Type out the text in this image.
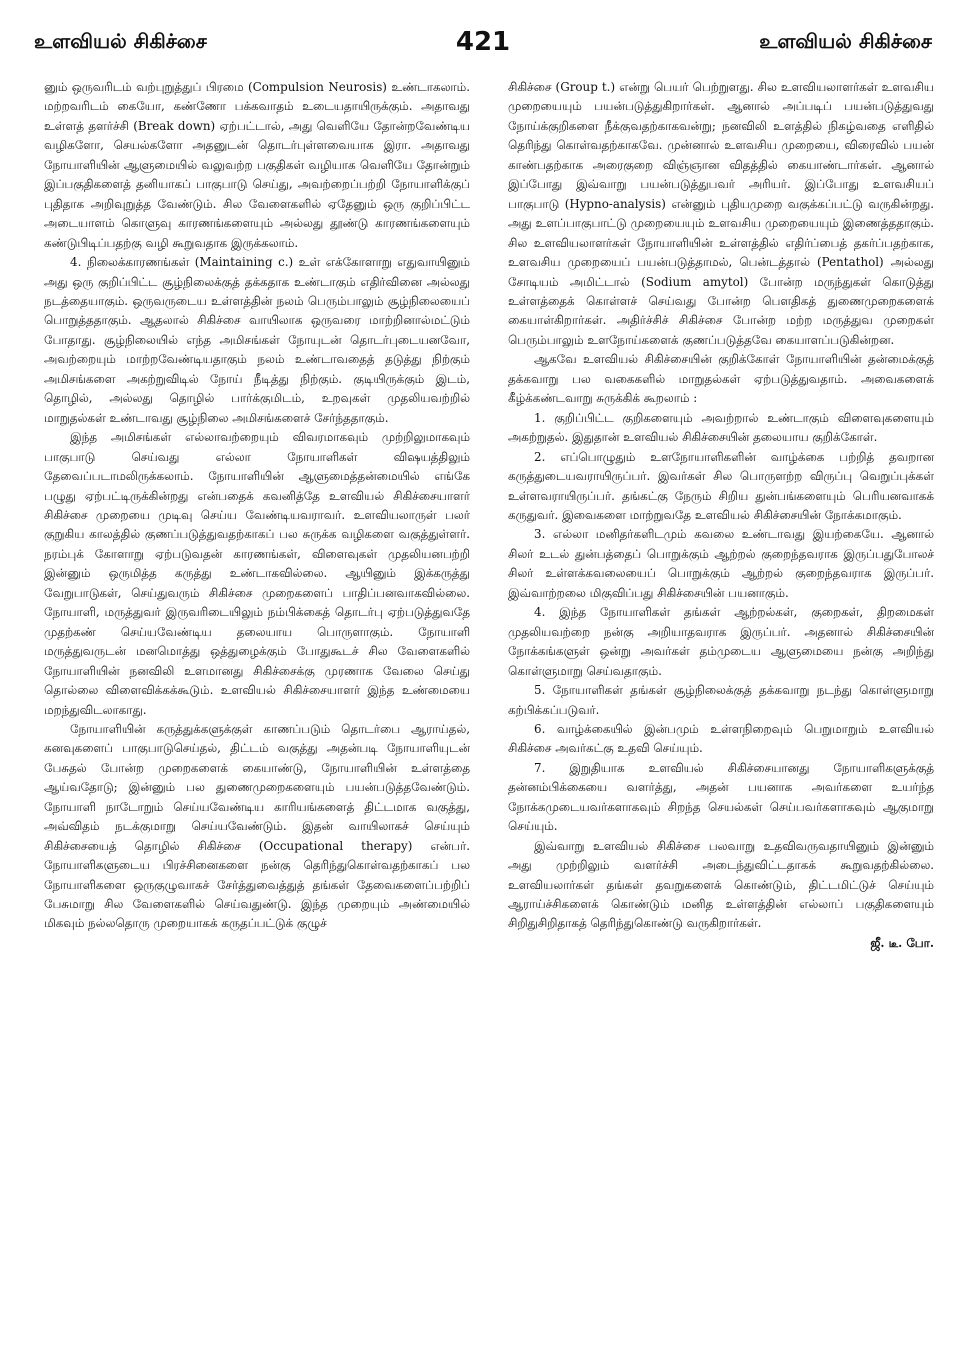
உளவியல் சிகிச்சை	421	உளவியல் சிகிச்சை

னும் ஒருவரிடம் வற்புறுத்துப் பிரமை (Compulsion Neurosis) உண்டாகலாம். மற்றவரிடம் கையோ, கண்ணோ பக்கவாதம் உடையதாயிருக்கும். அதாவது உள்ளத் தளர்ச்சி (Break down) ஏற்பட்டால், அது வெளியே தோன்றவேண்டிய வழிகளோ, செயல்களோ அதனுடன் தொடர்புள்ளவையாக இரா. அதாவது நோயாளியின் ஆளுமையில் வலுவற்ற பகுதிகள் வழியாக வெளியே தோன்றும் இப்பகுதிகளைத் தனியாகப் பாகுபாடு செய்து, அவற்றைப்பற்றி நோயாளிக்குப் புதிதாக அறிவுறுத்த வேண்டும். சில வேளைகளில் ஏதேனும் ஒரு குறிப்பிட்ட அடையாளம் கொளுவு காரணங்களையும் அல்லது தூண்டு காரணங்களையும் கண்டுபிடிப்பதற்கு வழி கூறுவதாக இருக்கலாம்.

4. நிலைக்காரணங்கள் (Maintaining c.) உள் எக்கோளாறு எதுவாயினும் அது ஒரு குறிப்பிட்ட சூழ்நிலைக்குத் தக்கதாக உண்டாகும் எதிர்வினை அல்லது நடத்தையாகும். ஒருவருடைய உள்ளத்தின் நலம் பெரும்பாலும் சூழ்நிலையைப் பொறுத்ததாகும். ஆதலால் சிகிச்சை வாயிலாக ஒருவரை மாற்றினால்மட்டும் போதாது. சூழ்நிலையில் எந்த அமிசங்கள் நோயுடன் தொடர்புடையனவோ, அவற்றையும் மாற்றவேண்டியதாகும் நலம் உண்டாவதைத் தடுத்து நிற்கும் அமிசங்களை அகற்றுவிடில் நோய் நீடித்து நிற்கும். குடியிருக்கும் இடம், தொழில், அல்லது தொழில் பார்க்குமிடம், உறவுகள் முதலியவற்றில் மாறுதல்கள் உண்டாவது சூழ்நிலை அமிசங்களைச் சேர்ந்ததாகும்.

இந்த அமிசங்கள் எல்லாவற்றையும் விவரமாகவும் முற்றிலுமாகவும் பாகுபாடு செய்வது எல்லா நோயாளிகள் விஷயத்திலும் தேவைப்படாமலிருக்கலாம். நோயாளியின் ஆளுமைத்தன்மையில் எங்கே பழுது ஏற்பட்டிருக்கின்றது என்பதைக் கவனித்தே உளவியல் சிகிச்சையாளர் சிகிச்சை முறையை முடிவு செய்ய வேண்டியவராவர். உளவியலாருள் பலர் குறுகிய காலத்தில் குணப்படுத்துவதற்காகப் பல சுருக்க வழிகளை வகுத்துள்ளர். நரம்புக் கோளாறு ஏற்படுவதன் காரணங்கள், விளைவுகள் முதலியனபற்றி இன்னும் ஒருமித்த கருத்து உண்டாகவில்லை. ஆயினும் இக்கருத்து வேறுபாடுகள், செய்துவரும் சிகிச்சை முறைகளைப் பாதிப்பனவாகவில்லை. நோயாளி, மருத்துவர் இருவரிடையிலும் நம்பிக்கைத் தொடர்பு ஏற்படுத்துவதே முதற்கண் செய்யவேண்டிய தலையாய பொருளாகும். நோயாளி மருத்துவருடன் மனமொத்து ஒத்துழைக்கும் போதுகூடச் சில வேளைகளில் நோயாளியின் நனவிலி உளமானது சிகிச்சைக்கு முரணாக வேலை செய்து தொல்லை விளைவிக்கக்கூடும். உளவியல் சிகிச்சையாளர் இந்த உண்மையை மறந்துவிடலாகாது.

நோயாளியின் கருத்துக்களுக்குள் காணப்படும் தொடர்பை ஆராய்தல், கனவுகளைப் பாகுபாடுசெய்தல், திட்டம் வகுத்து அதன்படி நோயாளியுடன் பேசுதல் போன்ற முறைகளைக் கையாண்டு, நோயாளியின் உள்ளத்தை ஆய்வதோடு; இன்னும் பல துணைமுறைகளையும் பயன்படுத்தவேண்டும். நோயாளி நாடோறும் செய்யவேண்டிய காரியங்களைத் திட்டமாக வகுத்து, அவ்விதம் நடக்குமாறு செய்யவேண்டும். இதன் வாயிலாகச் செய்யும் சிகிச்சையைத் தொழில் சிகிச்சை (Occupational therapy) என்பர். நோயாளிகளுடைய பிரச்சினைகளை நன்கு தெரிந்துகொள்வதற்காகப் பல நோயாளிகளை ஒருகுழுவாகச் சேர்த்துவைத்துத் தங்கள் தேவைகளைப்பற்றிப் பேசுமாறு சில வேளைகளில் செய்வதுண்டு. இந்த முறையும் அண்மையில் மிகவும் நல்லதொரு முறையாகக் கருதப்பட்டுக் குழுச்

சிகிச்சை (Group t.) என்று பெயர் பெற்றுளது. சில உளவியலாளர்கள் உளவசிய முறையையும் பயன்படுத்துகிறார்கள். ஆனால் அப்படிப் பயன்படுத்துவது நோய்க்குறிகளை நீக்குவதற்காகவன்று; நனவிலி உளத்தில் நிகழ்வதை எளிதில் தெரிந்து கொள்வதற்காகவே. முன்னால் உளவசிய முறையை, விரைவில் பயன் காண்பதற்காக அரைகுறை விஞ்ஞான விதத்தில் கையாண்டார்கள். ஆனால் இப்போது இவ்வாறு பயன்படுத்துபவர் அரியர். இப்போது உளவசியப் பாகுபாடு (Hypno-analysis) என்னும் புதியமுறை வகுக்கப்பட்டு வருகின்றது. அது உளப்பாகுபாட்டு முறையையும் உளவசிய முறையையும் இணைத்ததாகும். சில உளவியலாளர்கள் நோயாளியின் உள்ளத்தில் எதிர்ப்பைத் தகர்ப்பதற்காக, உளவசிய முறையைப் பயன்படுத்தாமல், பென்டத்தால் (Pentathol) அல்லது சோடியம் அமிட்டால் (Sodium amytol) போன்ற மருந்துகள் கொடுத்து உள்ளத்தைக் கொள்ளச் செய்வது போன்ற பௌதிகத் துணைமுறைகளைக் கையாள்கிறார்கள். அதிர்ச்சிச் சிகிச்சை போன்ற மற்ற மருத்துவ முறைகள் பெரும்பாலும் உளநோய்களைக் குணப்படுத்தவே கையாளப்படுகின்றன.

ஆகவே உளவியல் சிகிச்சையின் குறிக்கோள் நோயாளியின் தன்மைக்குத் தக்கவாறு பல வகைகளில் மாறுதல்கள் ஏற்படுத்துவதாம். அவைகளைக் கீழ்க்கண்டவாறு சுருக்கிக் கூறலாம் :

1. குறிப்பிட்ட குறிகளையும் அவற்றால் உண்டாகும் விளைவுகளையும் அகற்றுதல். இதுதான் உளவியல் சிகிச்சையின் தலையாய குறிக்கோள்.

2. எப்பொழுதும் உளநோயாளிகளின் வாழ்க்கை பற்றித் தவறான கருத்துடையவராயிருப்பர். இவர்கள் சில பொருளற்ற விருப்பு வெறுப்புக்கள் உள்ளவராயிருப்பர். தங்கட்கு நேரும் சிறிய துன்பங்களையும் பெரியனவாகக் கருதுவர். இவைகளை மாற்றுவதே உளவியல் சிகிச்சையின் நோக்கமாகும்.

3. எல்லா மனிதர்களிடமும் கவலை உண்டாவது இயற்கையே. ஆனால் சிலர் உடல் துன்பத்தைப் பொறுக்கும் ஆற்றல் குறைந்தவராக இருப்பதுபோலச் சிலர் உள்ளக்கவலையைப் பொறுக்கும் ஆற்றல் குறைந்தவராக இருப்பர். இவ்வாற்றலை மிகுவிப்பது சிகிச்சையின் பயனாகும்.

4. இந்த நோயாளிகள் தங்கள் ஆற்றல்கள், குறைகள், திறமைகள் முதலியவற்றை நன்கு அறியாதவராக இருப்பர். அதனால் சிகிச்சையின் நோக்கங்களுள் ஒன்று அவர்கள் தம்முடைய ஆளுமையை நன்கு அறிந்து கொள்ளுமாறு செய்வதாகும்.

5. நோயாளிகள் தங்கள் சூழ்நிலைக்குத் தக்கவாறு நடந்து கொள்ளுமாறு கற்பிக்கப்படுவர்.

6. வாழ்க்கையில் இன்பமும் உள்ளநிறைவும் பெறுமாறும் உளவியல் சிகிச்சை அவர்கட்கு உதவி செய்யும்.

7. இறுதியாக உளவியல் சிகிச்சையானது நோயாளிகளுக்குத் தன்னம்பிக்கையை வளர்த்து, அதன் பயனாக அவர்களை உயர்ந்த நோக்கமுடையவர்களாகவும் சிறந்த செயல்கள் செய்பவர்களாகவும் ஆகுமாறு செய்யும்.

இவ்வாறு உளவியல் சிகிச்சை பலவாறு உதவிவருவதாயினும் இன்னும் அது முற்றிலும் வளர்ச்சி அடைந்துவிட்டதாகக் கூறுவதற்கில்லை. உளவியலார்கள் தங்கள் தவறுகளைக் கொண்டும், திட்டமிட்டுச் செய்யும் ஆராய்ச்சிகளைக் கொண்டும் மனித உள்ளத்தின் எல்லாப் பகுதிகளையும் சிறிதுசிறிதாகத் தெரிந்துகொண்டு வருகிறார்கள்.

ஜீ. டீ. போ.
